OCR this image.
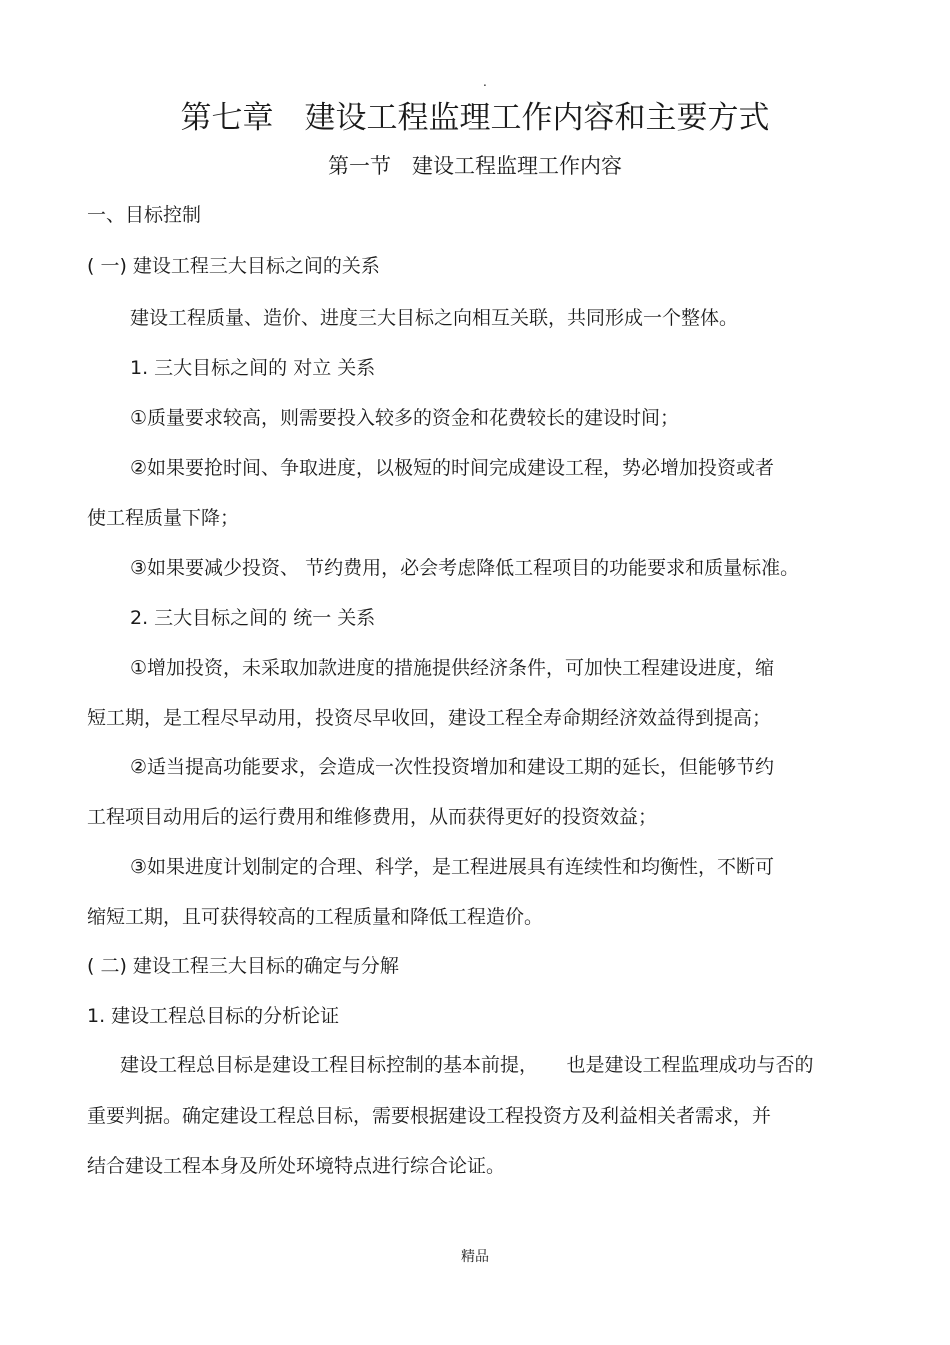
.
第七章　建设工程监理工作内容和主要方式
第一节　建设工程监理工作内容
一、目标控制
( 一) 建设工程三大目标之间的关系
建设工程质量、造价、进度三大目标之向相互关联，共同形成一个整体。
1. 三大目标之间的 对立 关系
①质量要求较高，则需要投入较多的资金和花费较长的建设时间；
②如果要抢时间、争取进度，以极短的时间完成建设工程，势必增加投资或者
使工程质量下降；
③如果要减少投资、 节约费用，必会考虑降低工程项目的功能要求和质量标准。
2. 三大目标之间的 统一 关系
①增加投资，未采取加款进度的措施提供经济条件，可加快工程建设进度，缩
短工期，是工程尽早动用，投资尽早收回，建设工程全寿命期经济效益得到提高；
②适当提高功能要求，会造成一次性投资增加和建设工期的延长，但能够节约
工程项目动用后的运行费用和维修费用，从而获得更好的投资效益；
③如果进度计划制定的合理、科学，是工程进展具有连续性和均衡性，不断可
缩短工期，且可获得较高的工程质量和降低工程造价。
( 二) 建设工程三大目标的确定与分解
1. 建设工程总目标的分析论证
建设工程总目标是建设工程目标控制的基本前提，　　也是建设工程监理成功与否的
重要判据。确定建设工程总目标，需要根据建设工程投资方及利益相关者需求，并
结合建设工程本身及所处环境特点进行综合论证。
精品
